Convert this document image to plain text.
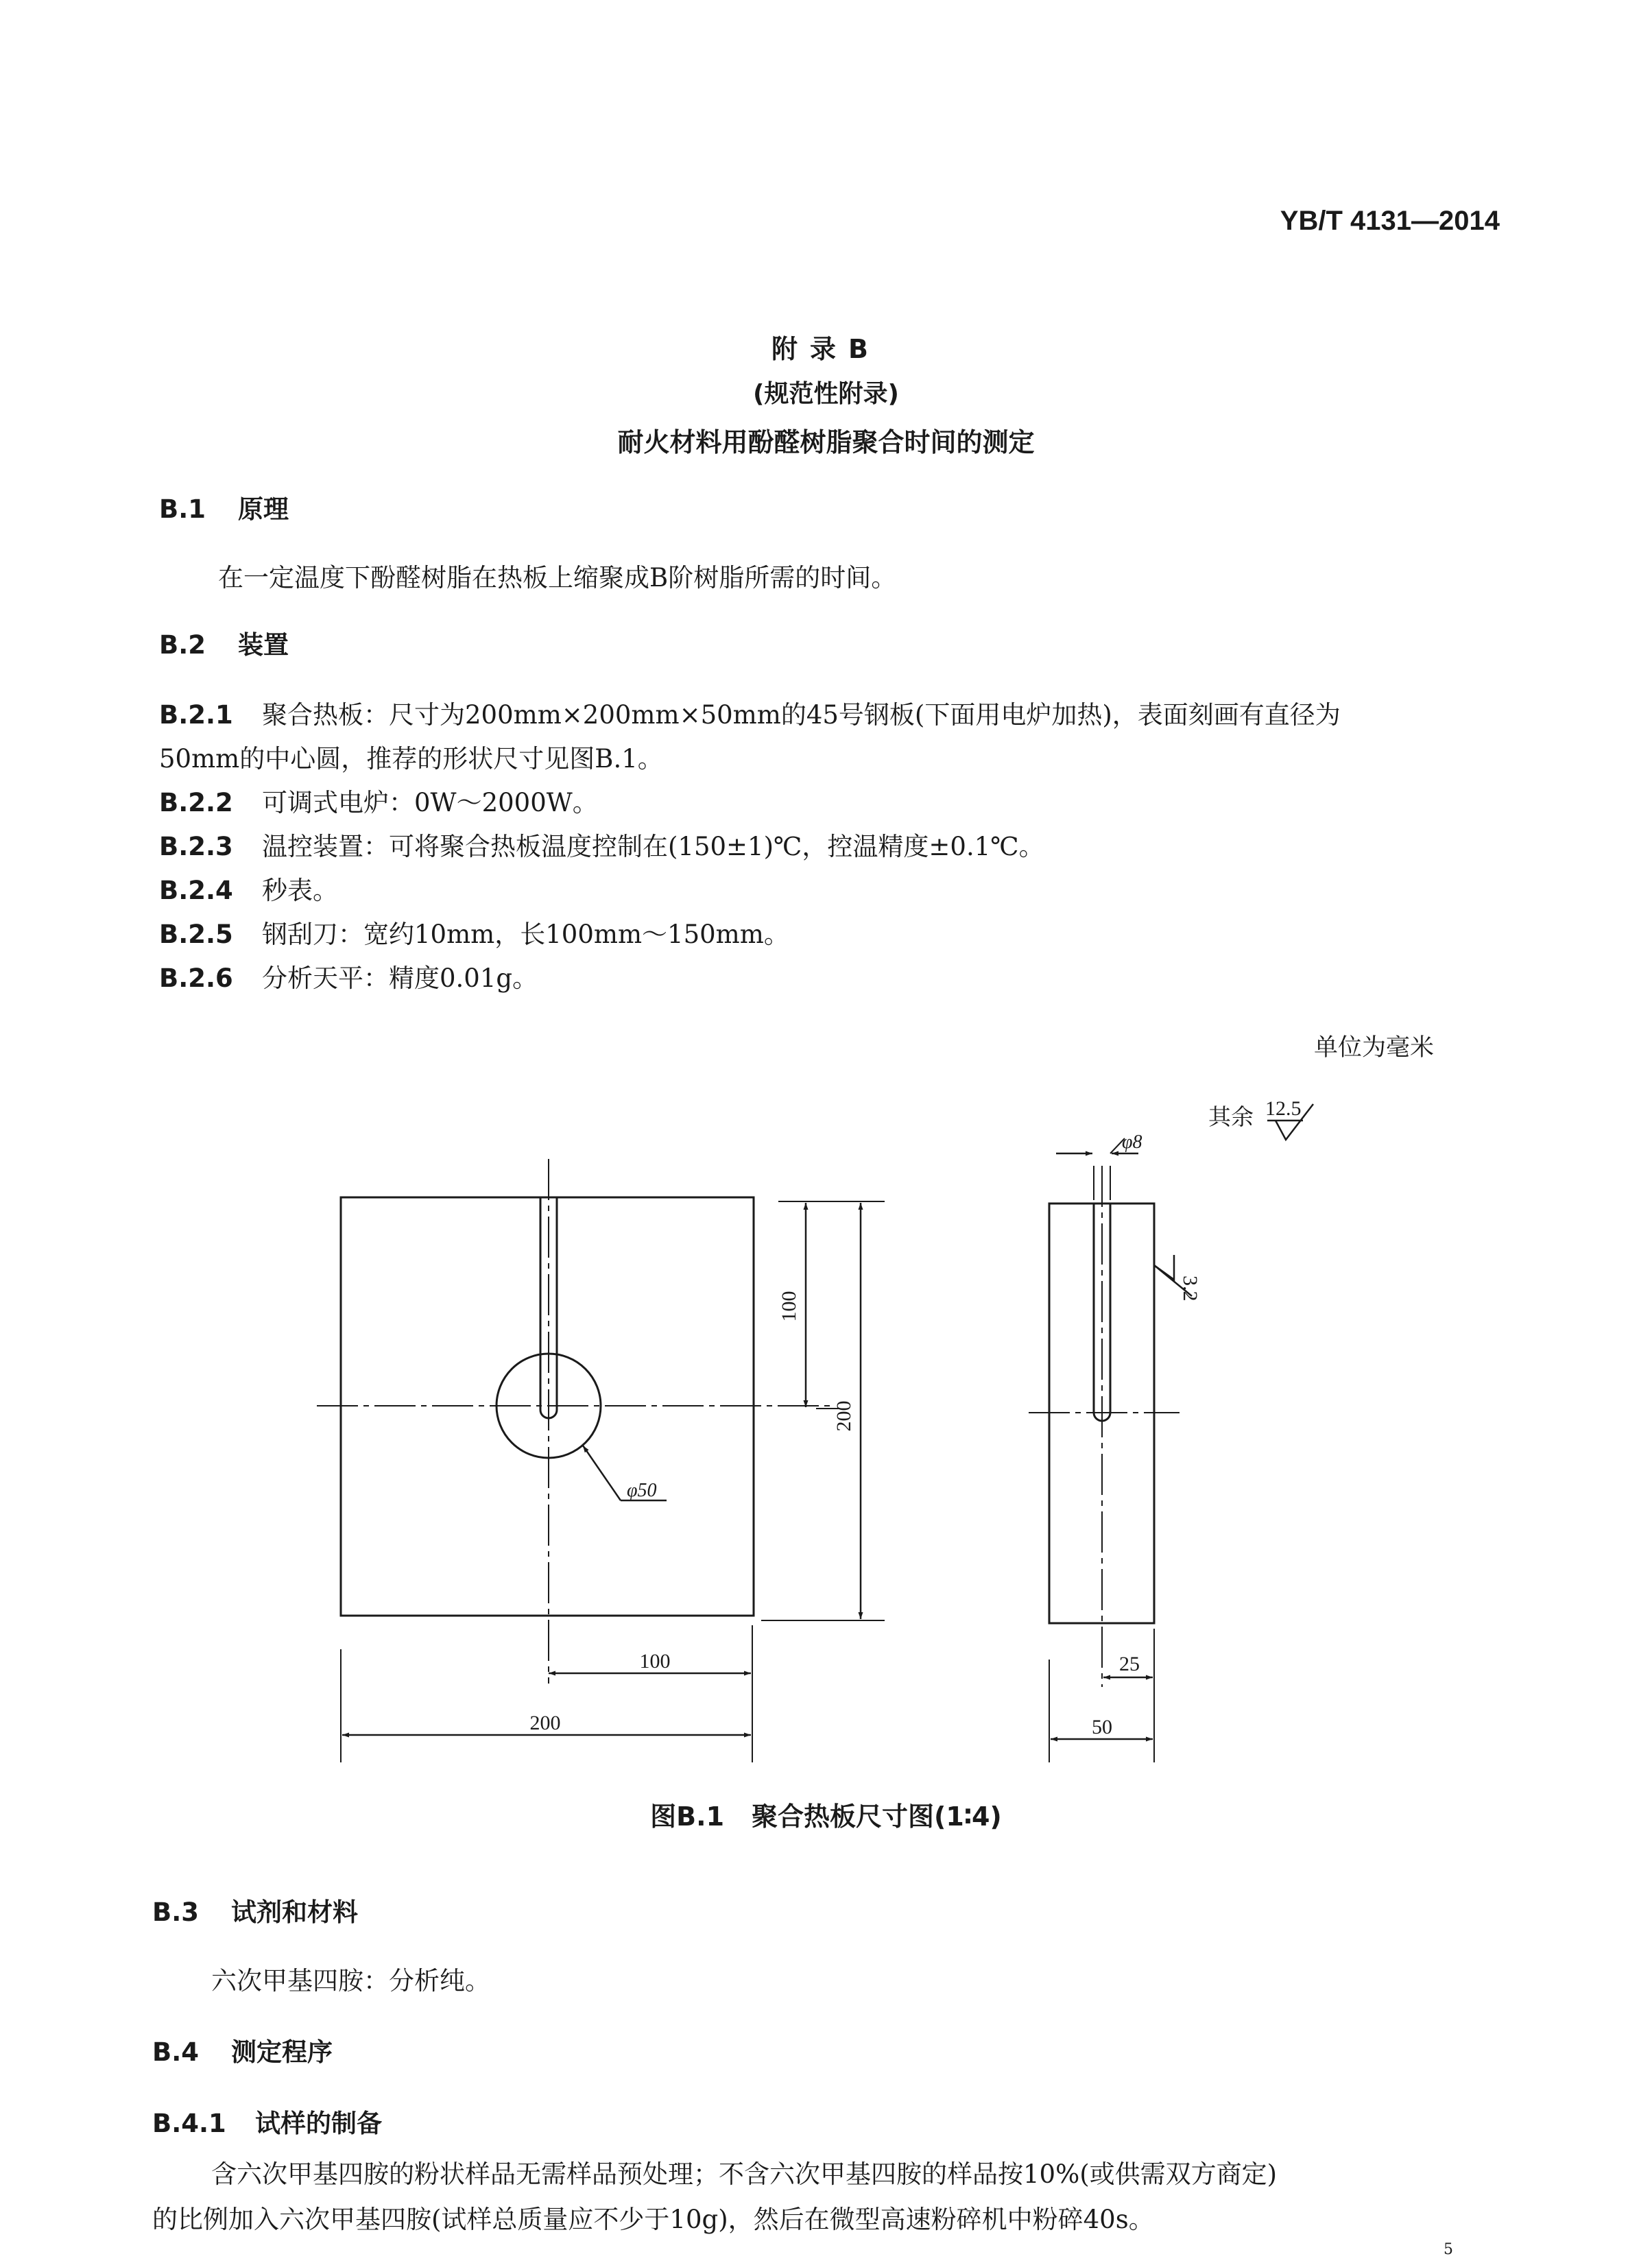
YB/T 4131—2014
附录B
(规范性附录)
耐火材料用酚醛树脂聚合时间的测定
B.1 原理
在一定温度下酚醛树脂在热板上缩聚成B阶树脂所需的时间。
B.2 装置
B.2.1 聚合热板：尺寸为200mm×200mm×50mm的45号钢板(下面用电炉加热)，表面刻画有直径为
50mm的中心圆，推荐的形状尺寸见图B.1。
B.2.2 可调式电炉：0W～2000W。
B.2.3 温控装置：可将聚合热板温度控制在(150±1)℃，控温精度±0.1℃。
B.2.4 秒表。
B.2.5 钢刮刀：宽约10mm，长100mm～150mm。
B.2.6 分析天平：精度0.01g。
单位为毫米
其余 12.5
φ8
3.2
φ50
100
200
100
200
25
50
图B.1 聚合热板尺寸图(1∶4)
B.3 试剂和材料
六次甲基四胺：分析纯。
B.4 测定程序
B.4.1 试样的制备
含六次甲基四胺的粉状样品无需样品预处理；不含六次甲基四胺的样品按10%(或供需双方商定)
的比例加入六次甲基四胺(试样总质量应不少于10g)，然后在微型高速粉碎机中粉碎40s。
5
